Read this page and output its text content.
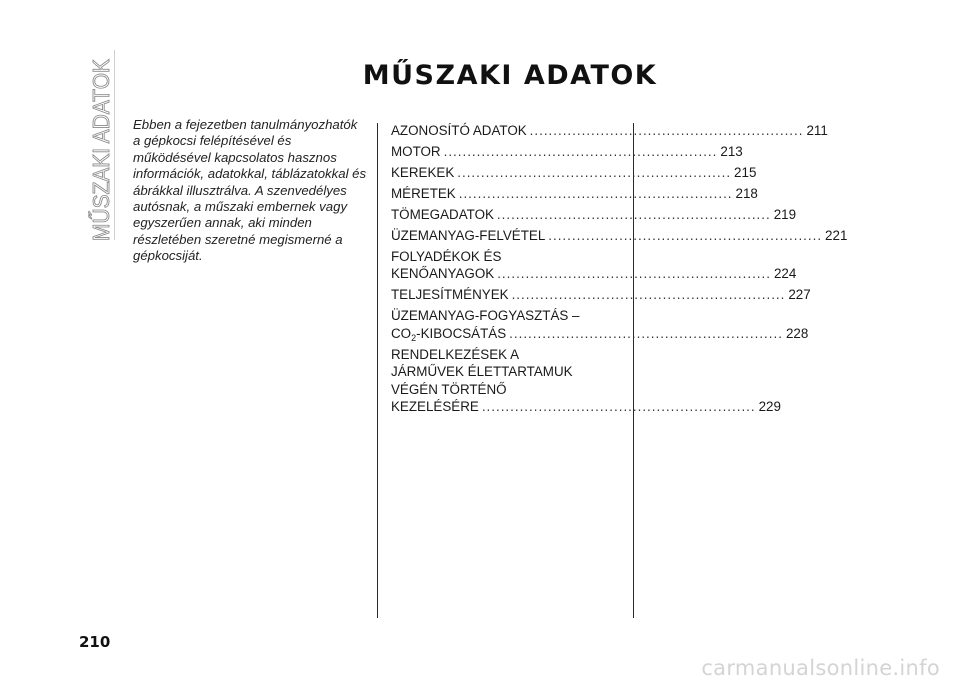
MŰSZAKI ADATOK	MŰSZAKI ADATOK
Ebben a fejezetben tanulmányozhatók a gépkocsi felépítésével és működésével kapcsolatos hasznos információk, adatokkal, táblázatokkal és ábrákkal illusztrálva. A szenvedélyes autósnak, a műszaki embernek vagy egyszerűen annak, aki minden részletében szeretné megismerné a gépkocsiját.
AZONOSÍTÓ ADATOK .......................................................... 211
MOTOR .......................................................... 213
KEREKEK .......................................................... 215
MÉRETEK .......................................................... 218
TÖMEGADATOK .......................................................... 219
ÜZEMANYAG-FELVÉTEL .......................................................... 221
FOLYADÉKOK ÉS
KENŐANYAGOK .......................................................... 224
TELJESÍTMÉNYEK .......................................................... 227
ÜZEMANYAG-FOGYASZTÁS –
$CO_2$-KIBOCSÁTÁS .......................................................... 228
RENDELKEZÉSEK A
JÁRMŰVEK ÉLETTARTAMUK
VÉGÉN TÖRTÉNŐ
KEZELÉSÉRE .......................................................... 229
210
carmanualsonline.info
